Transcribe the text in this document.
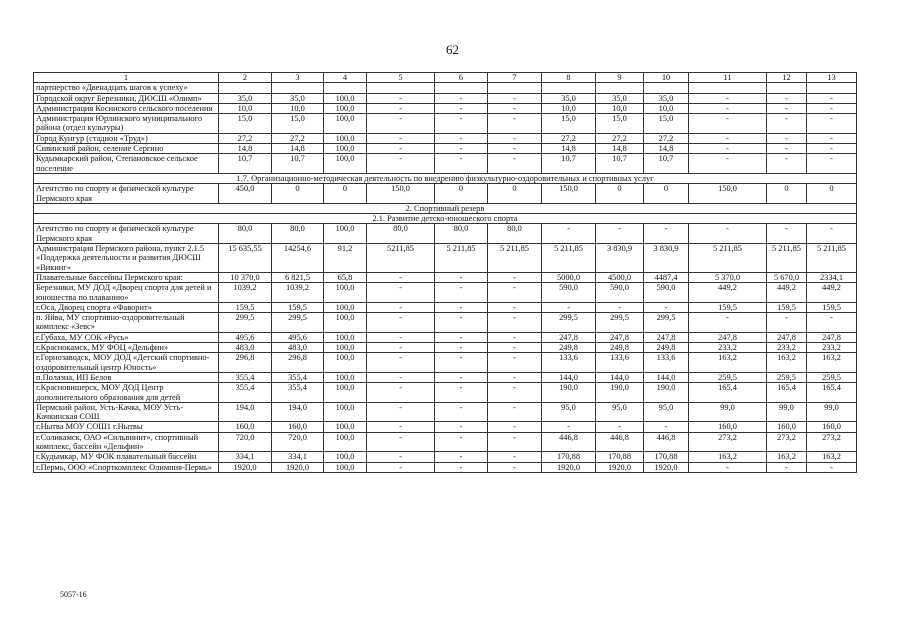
62
1	2	3	4	5	6	7	8	9	10	11	12	13
партнерство «Двенадцать шагов к успеху»												
Городской округ Березники, ДЮСШ «Олимп»	35,0	35,0	100,0	-	-	-	35,0	35,0	35,0	-	-	-
Администрация Косинского сельского поселения	10,0	10,0	100,0	-	-	-	10,0	10,0	10,0	-	-	-
Администрация Юрлинского муниципального района (отдел культуры)	15,0	15,0	100,0	-	-	-	15,0	15,0	15,0	-	-	-
Город Кунгур (стадион «Труд»)	27,2	27,2	100,0	-	-	-	27,2	27,2	27,2	-	-	-
Сивинский район, селение Сергино	14,8	14,8	100,0	-	-	-	14,8	14,8	14,8	-	-	-
Кудымкарский район, Степановское сельское поселение	10,7	10,7	100,0	-	-	-	10,7	10,7	10,7	-	-	-
1.7. Организационно-методическая деятельность по внедрению физкультурно-оздоровительных и спортивных услуг												
Агентство по спорту и физической культуре Пермского края	450,0	0	0	150,0	0	0	150,0	0	0	150,0	0	0
2. Спортивный резерв												
2.1. Развитие детско-юношеского спорта												
Агентство по спорту и физической культуре Пермского края	80,0	80,0	100,0	80,0	80,0	80,0	-	-	-	-	-	-
Администрация Пермского района, пункт 2.1.5 «Поддержка деятельности и развития ДЮСШ «Викинг»	15 635,55	14254,6	91,2	5211,85	5 211,85	5 211,85	5 211,85	3 830,9	3 830,9	5 211,85	5 211,85	5 211,85
Плавательные бассейны Пермского края:	10 370,0	6 821,5	65,8	-	-	-	5000,0	4500,0	4487,4	5 370,0	5 670,0	2334,1
Березники, МУ ДОД «Дворец спорта для детей и юношества по плаванию»	1039,2	1039,2	100,0	-	-	-	590,0	590,0	590,0	449,2	449,2	449,2
г.Оса, Дворец спорта «Фаворит»	159,5	159,5	100,0	-	-	-	-	-	-	159,5	159,5	159,5
п. Яйва, МУ спортивно-оздоровительный комплекс «Зевс»	299,5	299,5	100,0	-	-	-	299,5	299,5	299,5	-	-	-
г.Губаха, МУ СОК «Русь»	495,6	495,6	100,0	-	-	-	247,8	247,8	247,8	247,8	247,8	247,8
г.Краснокамск, МУ ФОЦ «Дельфин»	483,0	483,0	100,0	-	-	-	249,8	249,8	249,8	233,2	233,2	233,2
г.Горнозаводск, МОУ ДОД «Детский спортивно-оздоровительный центр Юность»	296,8	296,8	100,0	-	-	-	133,6	133,6	133,6	163,2	163,2	163,2
п.Полазна, ИП Белов	355,4	355,4	100,0	-	-	-	144,0	144,0	144,0	259,5	259,5	259,5
г.Красновишерск, МОУ ДОД Центр дополнительного образования для детей	355,4	355,4	100,0	-	-	-	190,0	190,0	190,0	165,4	165,4	165,4
Пермский район, Усть-Качка, МОУ Усть-Качкинская СОШ	194,0	194,0	100,0	-	-	-	95,0	95,0	95,0	99,0	99,0	99,0
г.Нытва МОУ СОШ1 г.Нытвы	160,0	160,0	100,0	-	-	-	-	-	-	160,0	160,0	160,0
г.Соликамск, ОАО «Сильвинит», спортивный комплекс, бассейн «Дельфин»	720,0	720,0	100,0	-	-	-	446,8	446,8	446,8	273,2	273,2	273,2
г.Кудымкар, МУ ФОК плавательный бассейн	334,1	334,1	100,0	-	-	-	170,88	170,88	170,88	163,2	163,2	163,2
г.Пермь, ООО «Спорткомплекс Олимпия-Пермь»	1920,0	1920,0	100,0	-	-	-	1920,0	1920,0	1920,0	-	-	-
5057-16
